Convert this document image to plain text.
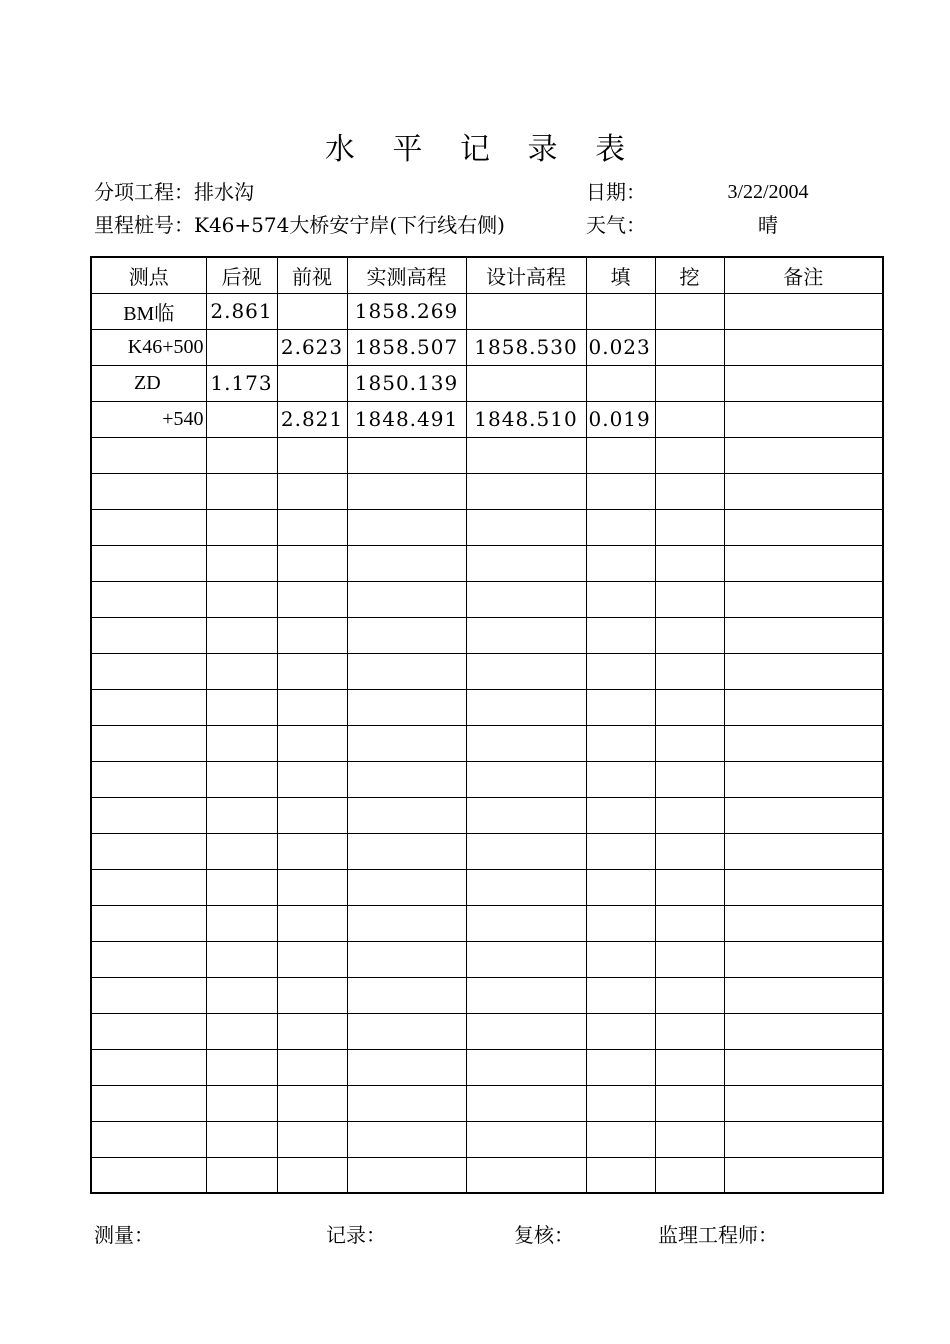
水 平 记 录 表
分项工程：排水沟	日期：	3/22/2004
里程桩号：K46+574大桥安宁岸(下行线右侧)	天气：	晴
测点	后视	前视	实测高程	设计高程	填	挖	备注
BM临	2.861		1858.269				
K46+500		2.623	1858.507	1858.530	0.023		
ZD	1.173		1850.139				
+540		2.821	1848.491	1848.510	0.019		

测量：	记录：	复核：	监理工程师：
